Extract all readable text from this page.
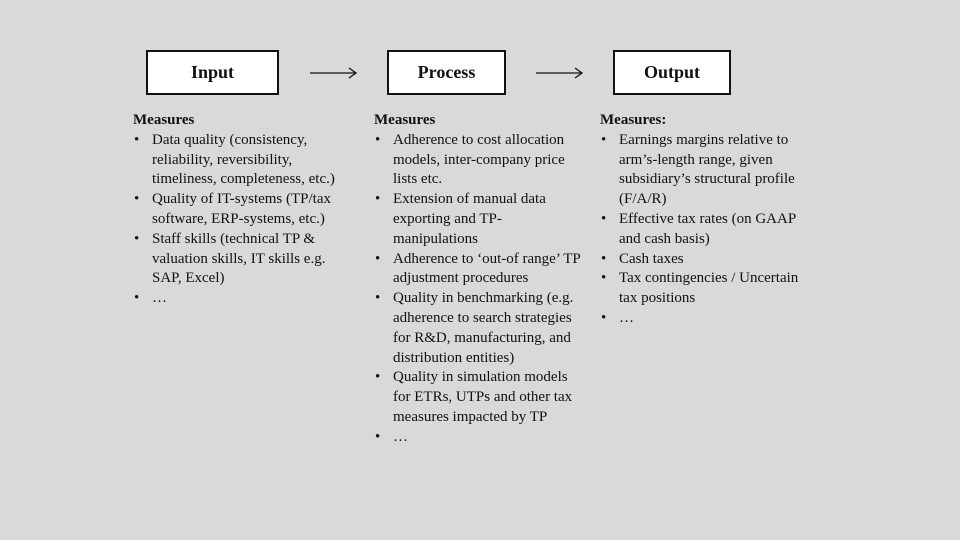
Input	Process	Output

Measures

• Data quality (consistency, reliability, reversibility, timeliness, completeness, etc.)
• Quality of IT-systems (TP/tax software, ERP-systems, etc.)
• Staff skills (technical TP & valuation skills, IT skills e.g. SAP, Excel)
• …

Measures

• Adherence to cost allocation models, inter-company price lists etc.
• Extension of manual data exporting and TP-manipulations
• Adherence to ‘out-of range’ TP adjustment procedures
• Quality in benchmarking (e.g. adherence to search strategies for R&D, manufacturing, and distribution entities)
• Quality in simulation models for ETRs, UTPs and other tax measures impacted by TP
• …

Measures:

• Earnings margins relative to arm’s-length range, given subsidiary’s structural profile (F/A/R)
• Effective tax rates (on GAAP and cash basis)
• Cash taxes
• Tax contingencies / Uncertain tax positions
• …
